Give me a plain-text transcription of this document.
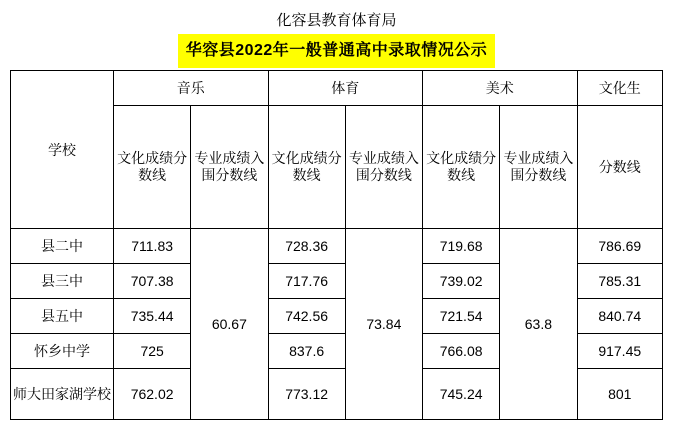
化容县教育体育局
华容县2022年一般普通高中录取情况公示
学校	音乐		体育		美术		文化生
	文化成绩分数线	专业成绩入围分数线	文化成绩分数线	专业成绩入围分数线	文化成绩分数线	专业成绩入围分数线	分数线
县二中	711.83	60.67	728.36	73.84	719.68	63.8	786.69
县三中	707.38		717.76		739.02		785.31
县五中	735.44		742.56		721.54		840.74
怀乡中学	725		837.6		766.08		917.45
师大田家湖学校	762.02		773.12		745.24		801
